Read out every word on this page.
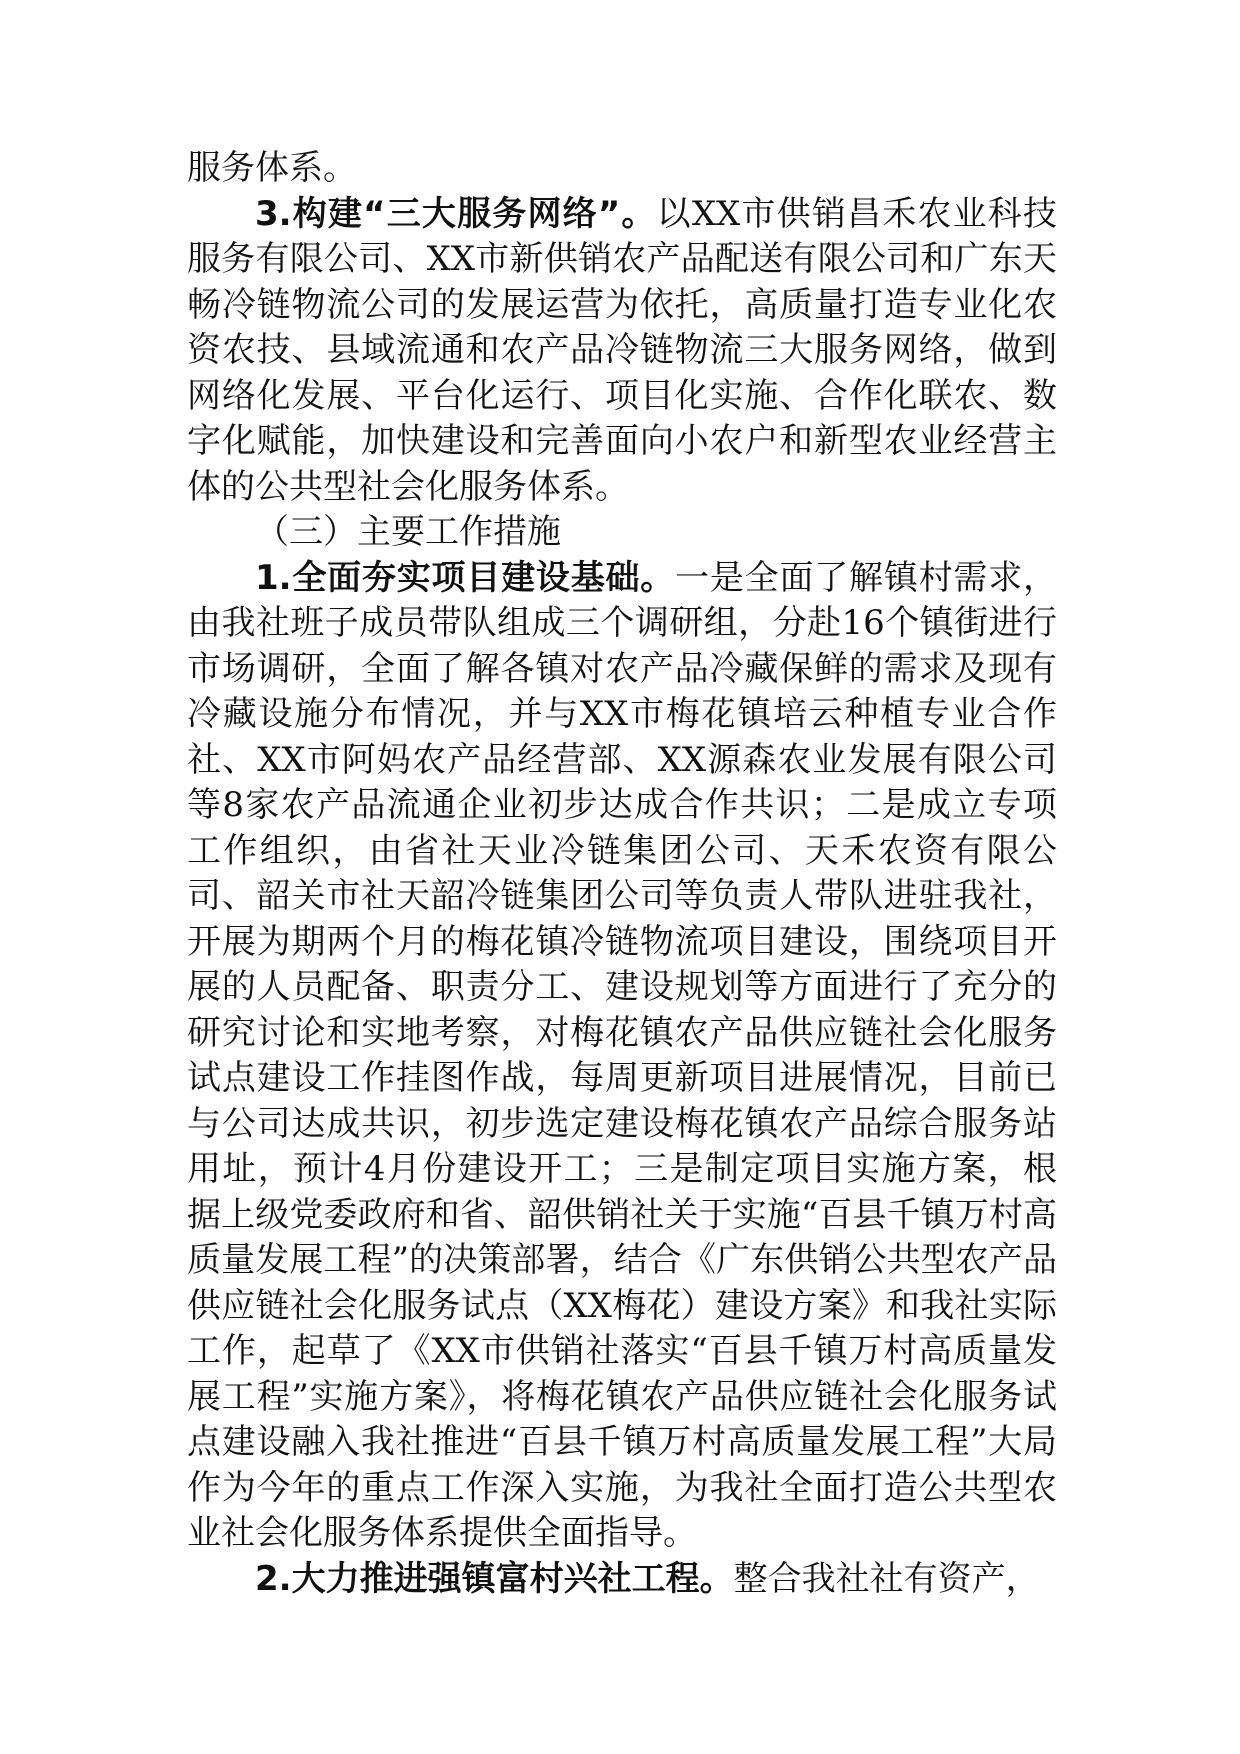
服务体系。

3.构建“三大服务网络”。以XX市供销昌禾农业科技服务有限公司、XX市新供销农产品配送有限公司和广东天畅冷链物流公司的发展运营为依托，高质量打造专业化农资农技、县域流通和农产品冷链物流三大服务网络，做到网络化发展、平台化运行、项目化实施、合作化联农、数字化赋能，加快建设和完善面向小农户和新型农业经营主体的公共型社会化服务体系。

（三）主要工作措施

1.全面夯实项目建设基础。一是全面了解镇村需求，由我社班子成员带队组成三个调研组，分赴16个镇街进行市场调研，全面了解各镇对农产品冷藏保鲜的需求及现有冷藏设施分布情况，并与XX市梅花镇培云种植专业合作社、XX市阿妈农产品经营部、XX源森农业发展有限公司等8家农产品流通企业初步达成合作共识；二是成立专项工作组织，由省社天业冷链集团公司、天禾农资有限公司、韶关市社天韶冷链集团公司等负责人带队进驻我社，开展为期两个月的梅花镇冷链物流项目建设，围绕项目开展的人员配备、职责分工、建设规划等方面进行了充分的研究讨论和实地考察，对梅花镇农产品供应链社会化服务试点建设工作挂图作战，每周更新项目进展情况，目前已与公司达成共识，初步选定建设梅花镇农产品综合服务站用址，预计4月份建设开工；三是制定项目实施方案，根据上级党委政府和省、韶供销社关于实施“百县千镇万村高质量发展工程”的决策部署，结合《广东供销公共型农产品供应链社会化服务试点（XX梅花）建设方案》和我社实际工作，起草了《XX市供销社落实“百县千镇万村高质量发展工程”实施方案》，将梅花镇农产品供应链社会化服务试点建设融入我社推进“百县千镇万村高质量发展工程”大局作为今年的重点工作深入实施，为我社全面打造公共型农业社会化服务体系提供全面指导。

2.大力推进强镇富村兴社工程。整合我社社有资产，
